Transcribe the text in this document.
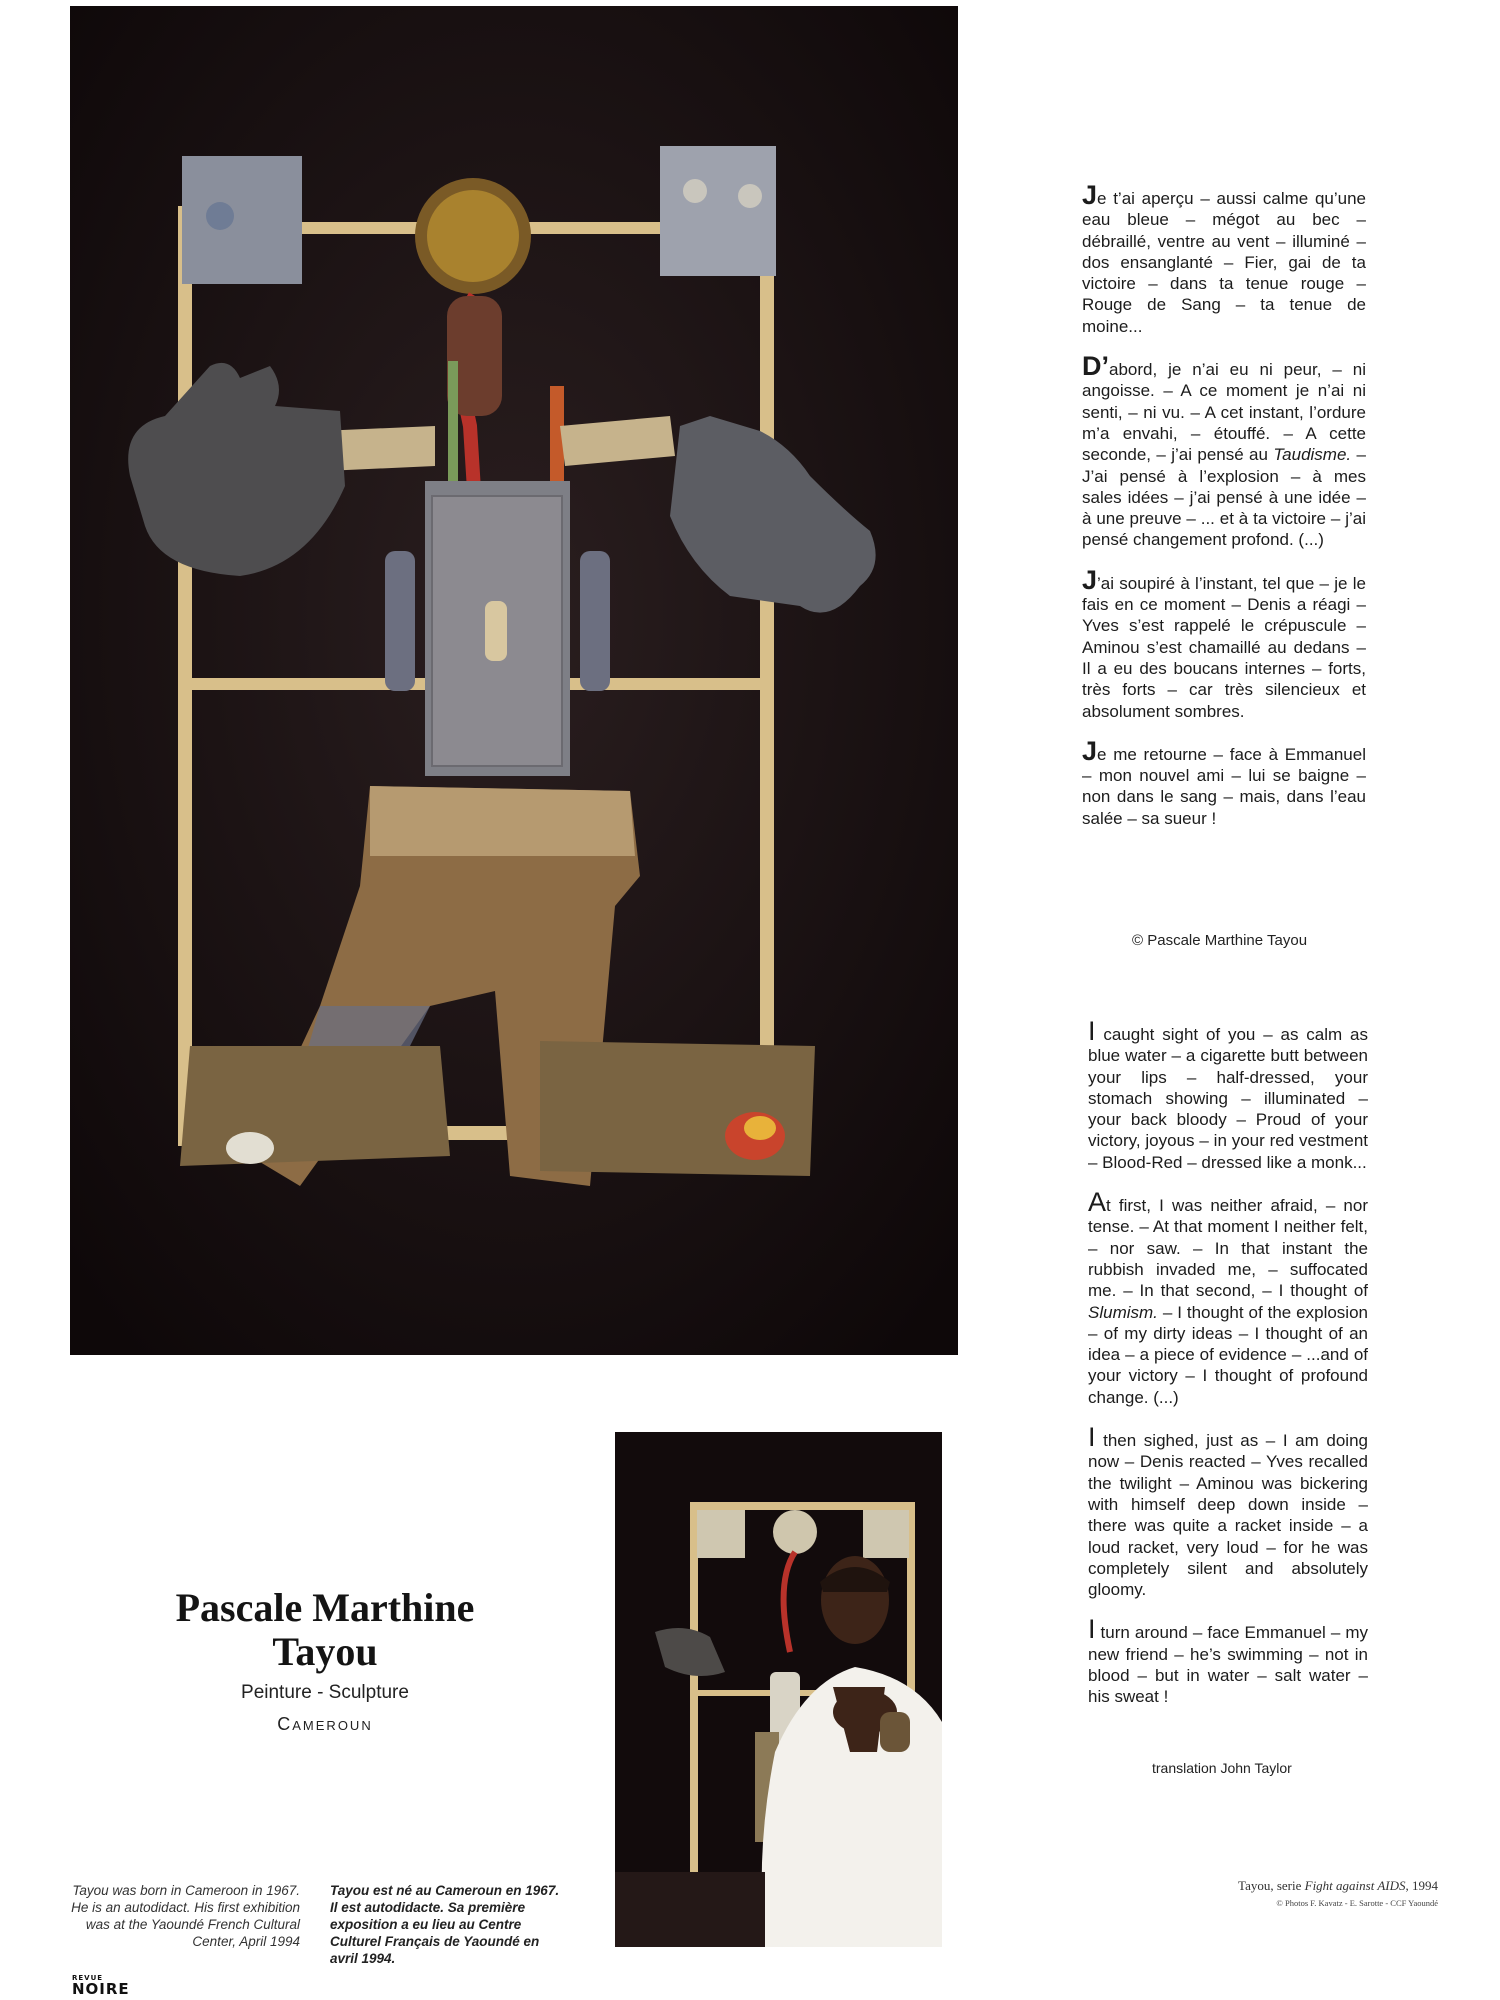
Je t’ai aperçu – aussi calme qu’une eau bleue – mégot au bec – débraillé, ventre au vent – illuminé – dos ensanglanté – Fier, gai de ta victoire – dans ta tenue rouge – Rouge de Sang – ta tenue de moine...

D’abord, je n’ai eu ni peur, – ni angoisse. – A ce moment je n’ai ni senti, – ni vu. – A cet instant, l’ordure m’a envahi, – étouffé. – A cette seconde, – j’ai pensé au Taudisme. – J’ai pensé à l’explosion – à mes sales idées – j’ai pensé à une idée – à une preuve – ... et à ta victoire – j’ai pensé changement profond. (...)

J’ai soupiré à l’instant, tel que – je le fais en ce moment – Denis a réagi – Yves s’est rappelé le crépuscule – Aminou s’est chamaillé au dedans – Il a eu des boucans internes – forts, très forts – car très silencieux et absolument sombres.

Je me retourne – face à Emmanuel – mon nouvel ami – lui se baigne – non dans le sang – mais, dans l’eau salée – sa sueur !

© Pascale Marthine Tayou

I caught sight of you – as calm as blue water – a cigarette butt between your lips – half-dressed, your stomach showing – illuminated – your back bloody – Proud of your victory, joyous – in your red vestment – Blood-Red – dressed like a monk...

At first, I was neither afraid, – nor tense. – At that moment I neither felt, – nor saw. – In that instant the rubbish invaded me, – suffocated me. – In that second, – I thought of Slumism. – I thought of the explosion – of my dirty ideas – I thought of an idea – a piece of evidence – ...and of your victory – I thought of profound change. (...)

I then sighed, just as – I am doing now – Denis reacted – Yves recalled the twilight – Aminou was bickering with himself deep down inside – there was quite a racket inside – a loud racket, very loud – for he was completely silent and absolutely gloomy.

I turn around – face Emmanuel – my new friend – he’s swimming – not in blood – but in water – salt water – his sweat !

translation John Taylor
Pascale Marthine
Tayou
Peinture - Sculpture
Cameroun
Tayou was born in Cameroon in 1967. He is an autodidact. His first exhibition was at the Yaoundé French Cultural Center, April 1994
Tayou est né au Cameroun en 1967. Il est autodidacte. Sa première exposition a eu lieu au Centre Culturel Français de Yaoundé en avril 1994.
Tayou, serie Fight against AIDS, 1994
© Photos F. Kavatz - E. Sarotte - CCF Yaoundé
REVUE
NOIRE
